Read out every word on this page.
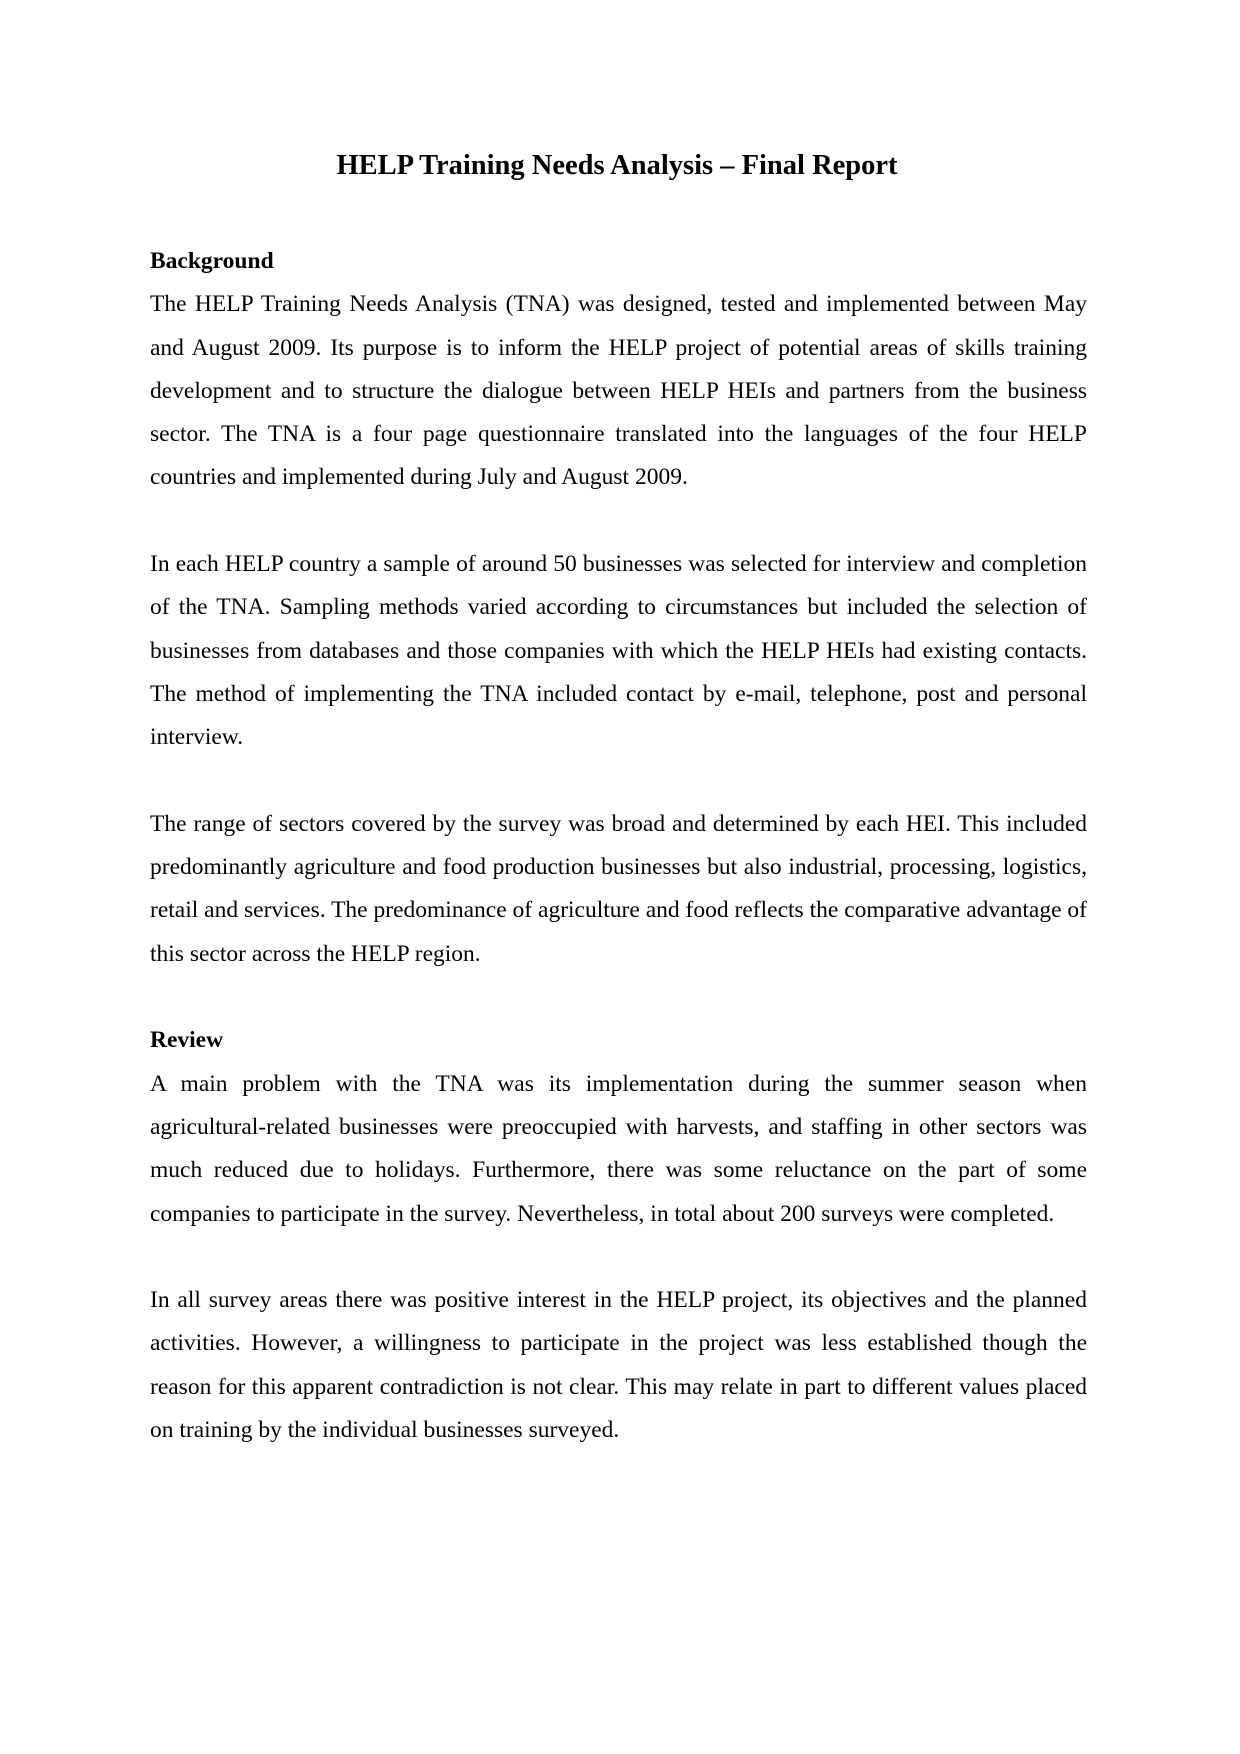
HELP Training Needs Analysis – Final Report
Background

The HELP Training Needs Analysis (TNA) was designed, tested and implemented between May and August 2009. Its purpose is to inform the HELP project of potential areas of skills training development and to structure the dialogue between HELP HEIs and partners from the business sector. The TNA is a four page questionnaire translated into the languages of the four HELP countries and implemented during July and August 2009.

In each HELP country a sample of around 50 businesses was selected for interview and completion of the TNA. Sampling methods varied according to circumstances but included the selection of businesses from databases and those companies with which the HELP HEIs had existing contacts. The method of implementing the TNA included contact by e-mail, telephone, post and personal interview.

The range of sectors covered by the survey was broad and determined by each HEI. This included predominantly agriculture and food production businesses but also industrial, processing, logistics, retail and services. The predominance of agriculture and food reflects the comparative advantage of this sector across the HELP region.

Review

A main problem with the TNA was its implementation during the summer season when agricultural-related businesses were preoccupied with harvests, and staffing in other sectors was much reduced due to holidays. Furthermore, there was some reluctance on the part of some companies to participate in the survey. Nevertheless, in total about 200 surveys were completed.

In all survey areas there was positive interest in the HELP project, its objectives and the planned activities. However, a willingness to participate in the project was less established though the reason for this apparent contradiction is not clear. This may relate in part to different values placed on training by the individual businesses surveyed.
